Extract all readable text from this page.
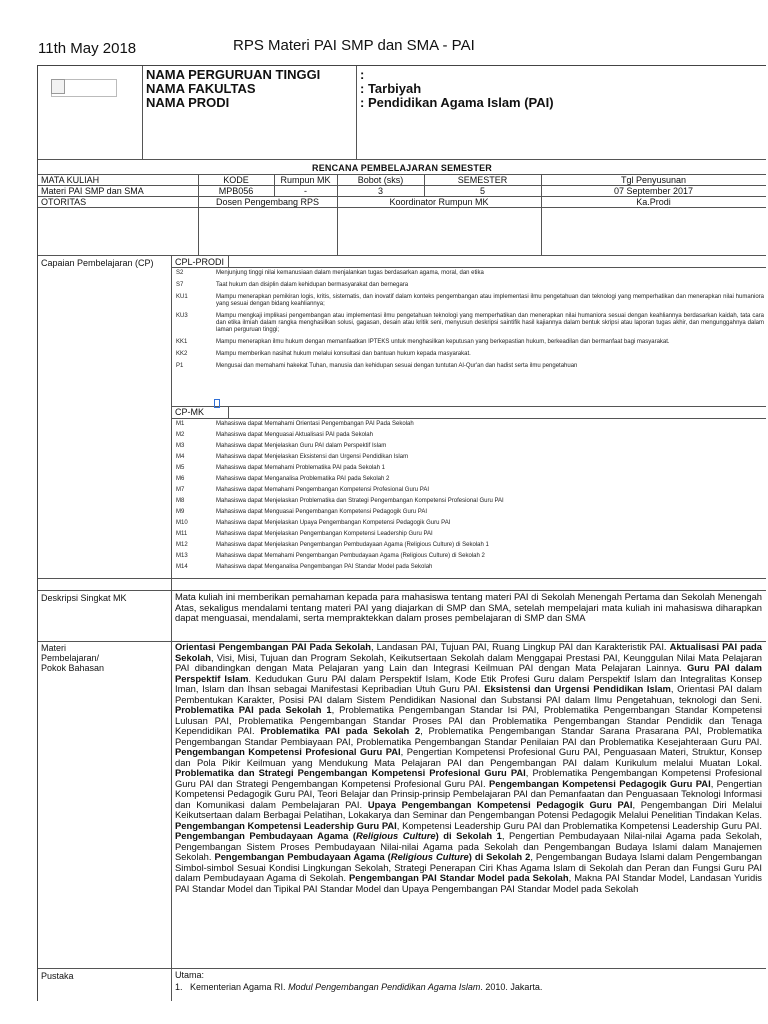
11th May 2018	RPS Materi PAI SMP dan SMA - PAI
NAMA PERGURUAN TINGGI
NAMA FAKULTAS
NAMA PRODI
:
: Tarbiyah
: Pendidikan Agama Islam (PAI)
RENCANA PEMBELAJARAN SEMESTER
MATA KULIAH	KODE	Rumpun MK	Bobot (sks)	SEMESTER	Tgl Penyusunan
Materi PAI SMP dan SMA	MPB056	-	3	5	07 September 2017
OTORITAS	Dosen Pengembang RPS	Koordinator Rumpun MK	Ka.Prodi
Capaian Pembelajaran (CP)	CPL-PRODI
S2	Menjunjung tinggi nilai kemanusiaan dalam menjalankan tugas berdasarkan agama, moral, dan etika
S7	Taat hukum dan disiplin dalam kehidupan bermasyarakat dan bernegara
KU1	Mampu menerapkan pemikiran logis, kritis, sistematis, dan inovatif dalam konteks pengembangan atau implementasi ilmu pengetahuan dan teknologi yang memperhatikan dan menerapkan nilai humaniora yang sesuai dengan bidang keahliannya;
KU3	Mampu mengkaji implikasi pengembangan atau implementasi ilmu pengetahuan teknologi yang memperhatikan dan menerapkan nilai humaniora sesuai dengan keahliannya berdasarkan kaidah, tata cara dan etika ilmiah dalam rangka menghasilkan solusi, gagasan, desain atau kritik seni, menyusun deskripsi saintifik hasil kajiannya dalam bentuk skripsi atau laporan tugas akhir, dan mengunggahnya dalam laman perguruan tinggi;
KK1	Mampu menerapkan ilmu hukum dengan memanfaatkan IPTEKS untuk menghasilkan keputusan yang berkepastian hukum, berkeadilan dan bermanfaat bagi masyarakat.
KK2	Mampu memberikan nasihat hukum melalui konsultasi dan bantuan hukum kepada masyarakat.
P1	Mengusai dan memahami hakekat Tuhan, manusia dan kehidupan sesuai dengan tuntutan Al-Qur'an dan hadist serta ilmu pengetahuan
CP-MK
M1	Mahasiswa dapat Memahami Orientasi Pengembangan PAI Pada Sekolah
M2	Mahasiswa dapat Menguasai Aktualisasi PAI pada Sekolah
M3	Mahasiswa dapat Menjelaskan Guru PAI dalam Perspektif Islam
M4	Mahasiswa dapat Menjelaskan Eksistensi dan Urgensi Pendidikan Islam
M5	Mahasiswa dapat Memahami Problematika PAI pada Sekolah 1
M6	Mahasiswa dapat Menganalisa Problematika PAI pada Sekolah 2
M7	Mahasiswa dapat Memahami Pengembangan Kompetensi Profesional Guru PAI
M8	Mahasiswa dapat Menjelaskan Problematika dan Strategi Pengembangan Kompetensi Profesional Guru PAI
M9	Mahasiswa dapat Menguasai Pengembangan Kompetensi Pedagogik Guru PAI
M10	Mahasiswa dapat Menjelaskan Upaya Pengembangan Kompetensi Pedagogik Guru PAI
M11	Mahasiswa dapat Menjelaskan Pengembangan Kompetensi Leadership Guru PAI
M12	Mahasiswa dapat Menjelaskan Pengembangan Pembudayaan Agama (Religious Culture) di Sekolah 1
M13	Mahasiswa dapat Memahami Pengembangan Pembudayaan Agama (Religious Culture) di Sekolah 2
M14	Mahasiswa dapat Menganalisa Pengembangan PAI Standar Model pada Sekolah
Deskripsi Singkat MK	Mata kuliah ini memberikan pemahaman kepada para mahasiswa tentang materi PAI di Sekolah Menengah Pertama dan Sekolah Menengah Atas, sekaligus mendalami tentang materi PAI yang diajarkan di SMP dan SMA, setelah mempelajari mata kuliah ini mahasiswa diharapkan dapat menguasai, mendalami, serta mempraktekkan dalam proses pembelajaran di SMP dan SMA
Materi
Pembelajaran/
Pokok Bahasan
Orientasi Pengembangan PAI Pada Sekolah, Landasan PAI, Tujuan PAI, Ruang Lingkup PAI dan Karakteristik PAI. Aktualisasi PAI pada Sekolah, Visi, Misi, Tujuan dan Program Sekolah, Keikutsertaan Sekolah dalam Menggapai Prestasi PAI, Keunggulan Nilai Mata Pelajaran PAI dibandingkan dengan Mata Pelajaran yang Lain dan Integrasi Keilmuan PAI dengan Mata Pelajaran Lainnya. Guru PAI dalam Perspektif Islam. Kedudukan Guru PAI dalam Perspektif Islam, Kode Etik Profesi Guru dalam Perspektif Islam dan Integralitas Konsep Iman, Islam dan Ihsan sebagai Manifestasi Kepribadian Utuh Guru PAI. Eksistensi dan Urgensi Pendidikan Islam, Orientasi PAI dalam Pembentukan Karakter, Posisi PAI dalam Sistem Pendidikan Nasional dan Substansi PAI dalam Ilmu Pengetahuan, teknologi dan Seni. Problematika PAI pada Sekolah 1, Problematika Pengembangan Standar Isi PAI, Problematika Pengembangan Standar Kompetensi Lulusan PAI, Problematika Pengembangan Standar Proses PAI dan Problematika Pengembangan Standar Pendidik dan Tenaga Kependidikan PAI. Problematika PAI pada Sekolah 2, Problematika Pengembangan Standar Sarana Prasarana PAI, Problematika Pengembangan Standar Pembiayaan PAI, Problematika Pengembangan Standar Penilaian PAI dan Problematika Kesejahteraan Guru PAI. Pengembangan Kompetensi Profesional Guru PAI, Pengertian Kompetensi Profesional Guru PAI, Penguasaan Materi, Struktur, Konsep dan Pola Pikir Keilmuan yang Mendukung Mata Pelajaran PAI dan Pengembangan PAI dalam Kurikulum melalui Muatan Lokal. Problematika dan Strategi Pengembangan Kompetensi Profesional Guru PAI, Problematika Pengembangan Kompetensi Profesional Guru PAI dan Strategi Pengembangan Kompetensi Profesional Guru PAI. Pengembangan Kompetensi Pedagogik Guru PAI, Pengertian Kompetensi Pedagogik Guru PAI, Teori Belajar dan Prinsip-prinsip Pembelajaran PAI dan Pemanfaatan dan Penguasaan Teknologi Informasi dan Komunikasi dalam Pembelajaran PAI. Upaya Pengembangan Kompetensi Pedagogik Guru PAI, Pengembangan Diri Melalui Keikutsertaan dalam Berbagai Pelatihan, Lokakarya dan Seminar dan Pengembangan Potensi Pedagogik Melalui Penelitian Tindakan Kelas. Pengembangan Kompetensi Leadership Guru PAI, Kompetensi Leadership Guru PAI dan Problematika Kompetensi Leadership Guru PAI. Pengembangan Pembudayaan Agama (Religious Culture) di Sekolah 1, Pengertian Pembudayaan Nilai-nilai Agama pada Sekolah, Pengembangan Sistem Proses Pembudayaan Nilai-nilai Agama pada Sekolah dan Pengembangan Budaya Islami dalam Manajemen Sekolah. Pengembangan Pembudayaan Agama (Religious Culture) di Sekolah 2, Pengembangan Budaya Islami dalam Pengembangan Simbol-simbol Sesuai Kondisi Lingkungan Sekolah, Strategi Penerapan Ciri Khas Agama Islam di Sekolah dan Peran dan Fungsi Guru PAI dalam Pembudayaan Agama di Sekolah. Pengembangan PAI Standar Model pada Sekolah, Makna PAI Standar Model, Landasan Yuridis PAI Standar Model dan Tipikal PAI Standar Model dan Upaya Pengembangan PAI Standar Model pada Sekolah
Pustaka	Utama:
1.   Kementerian Agama RI. Modul Pengembangan Pendidikan Agama Islam. 2010. Jakarta.
